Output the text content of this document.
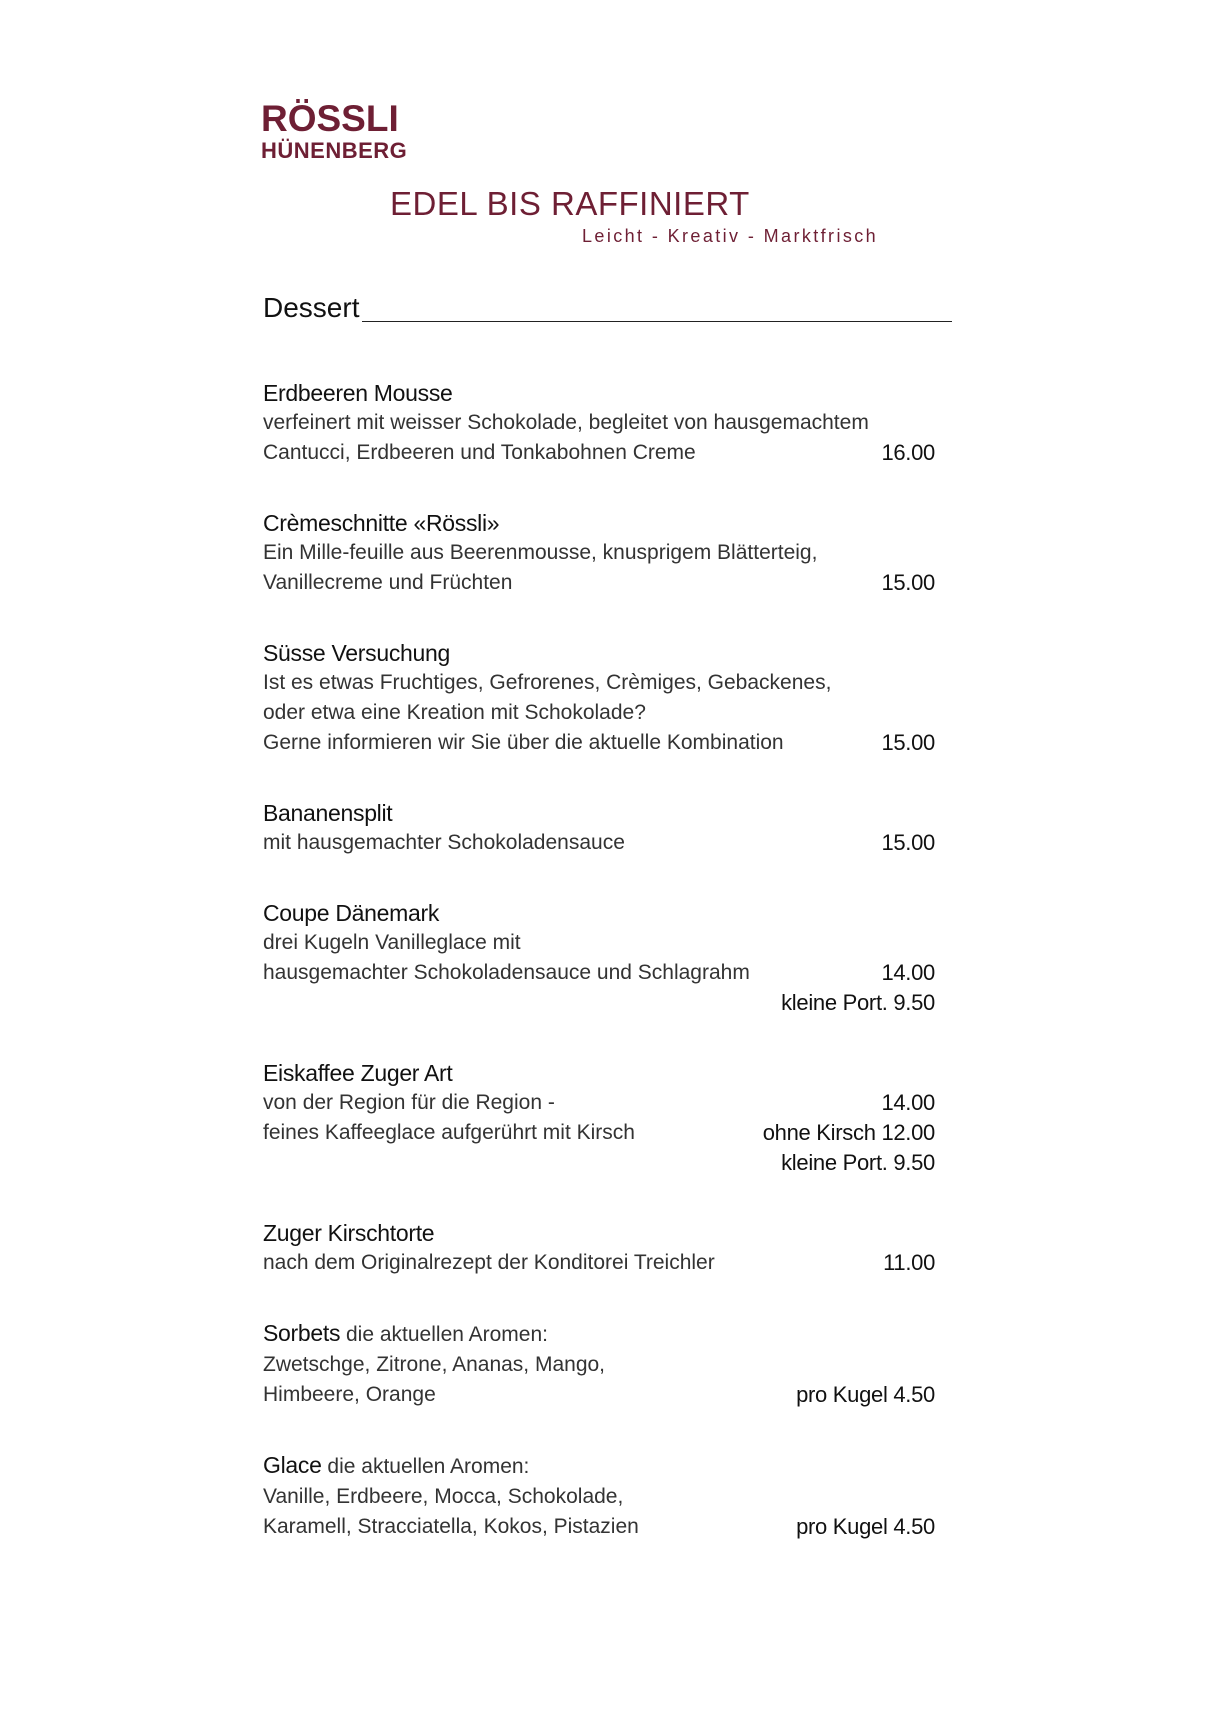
RÖSSLI
HÜNENBERG
EDEL BIS RAFFINIERT
Leicht - Kreativ - Marktfrisch
Dessert
Erdbeeren Mousse
verfeinert mit weisser Schokolade, begleitet von hausgemachtem
Cantucci, Erdbeeren und Tonkabohnen Creme	16.00
Crèmeschnitte «Rössli»
Ein Mille-feuille aus Beerenmousse, knusprigem Blätterteig,
Vanillecreme und Früchten	15.00
Süsse Versuchung
Ist es etwas Fruchtiges, Gefrorenes, Crèmiges, Gebackenes,
oder etwa eine Kreation mit Schokolade?
Gerne informieren wir Sie über die aktuelle Kombination	15.00
Bananensplit
mit hausgemachter Schokoladensauce	15.00
Coupe Dänemark
drei Kugeln Vanilleglace mit
hausgemachter Schokoladensauce und Schlagrahm	14.00
kleine Port. 9.50
Eiskaffee Zuger Art
von der Region für die Region -	14.00
feines Kaffeeglace aufgerührt mit Kirsch	ohne Kirsch 12.00
kleine Port. 9.50
Zuger Kirschtorte
nach dem Originalrezept der Konditorei Treichler	11.00
Sorbets die aktuellen Aromen:
Zwetschge, Zitrone, Ananas, Mango,
Himbeere, Orange	pro Kugel 4.50
Glace die aktuellen Aromen:
Vanille, Erdbeere, Mocca, Schokolade,
Karamell, Stracciatella, Kokos, Pistazien	pro Kugel 4.50
